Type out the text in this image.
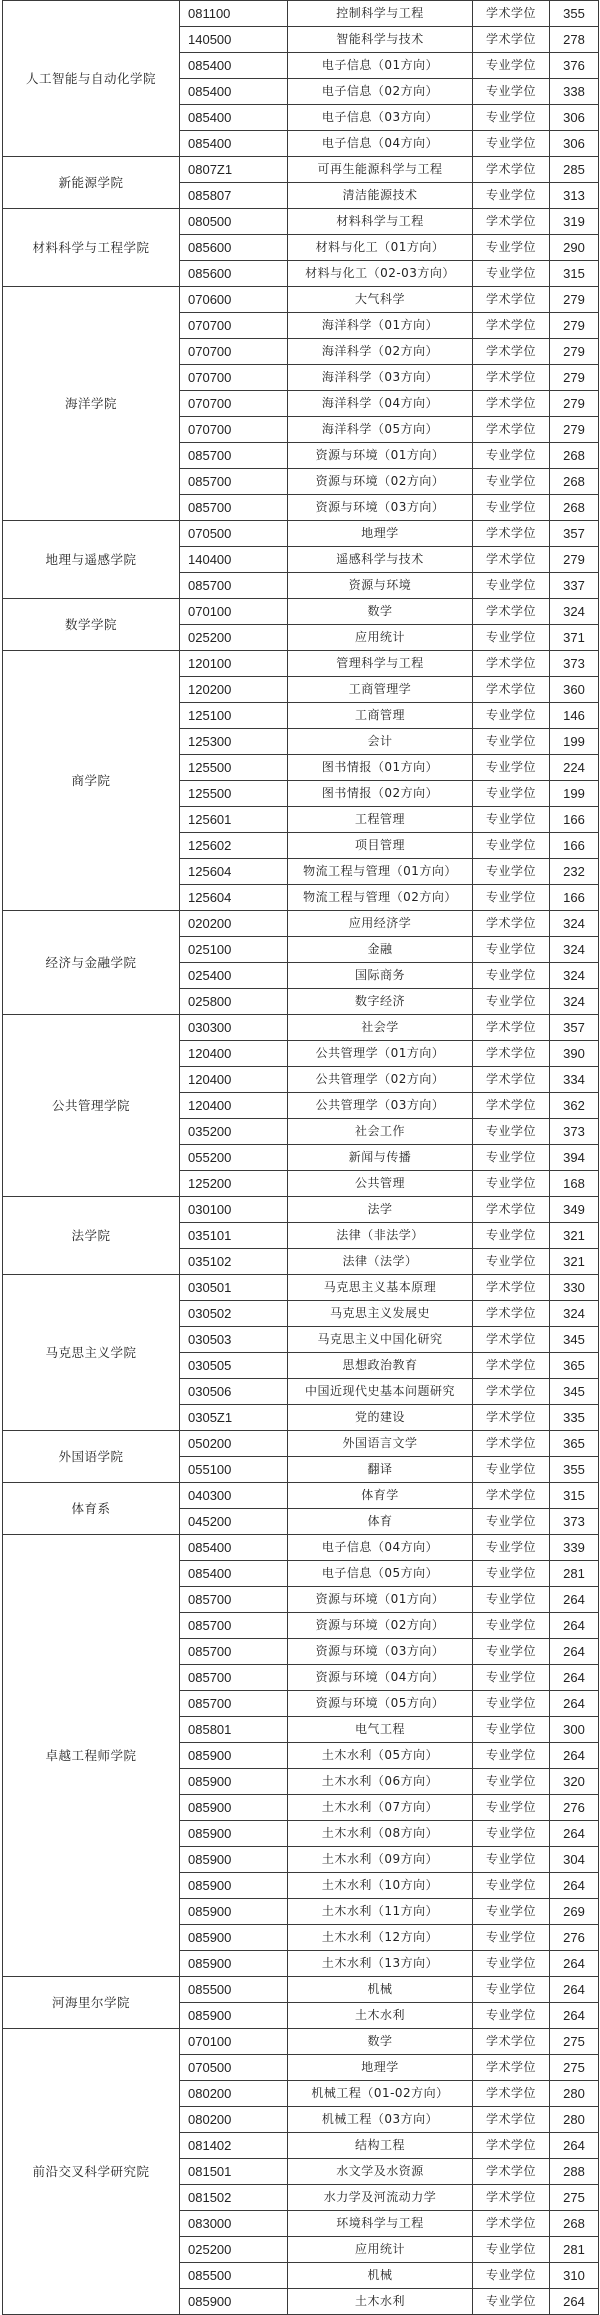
人工智能与自动化学院	081100	控制科学与工程	学术学位	355
	140500	智能科学与技术	学术学位	278
	085400	电子信息（01方向）	专业学位	376
	085400	电子信息（02方向）	专业学位	338
	085400	电子信息（03方向）	专业学位	306
	085400	电子信息（04方向）	专业学位	306
新能源学院	0807Z1	可再生能源科学与工程	学术学位	285
	085807	清洁能源技术	专业学位	313
材料科学与工程学院	080500	材料科学与工程	学术学位	319
	085600	材料与化工（01方向）	专业学位	290
	085600	材料与化工（02-03方向）	专业学位	315
海洋学院	070600	大气科学	学术学位	279
	070700	海洋科学（01方向）	学术学位	279
	070700	海洋科学（02方向）	学术学位	279
	070700	海洋科学（03方向）	学术学位	279
	070700	海洋科学（04方向）	学术学位	279
	070700	海洋科学（05方向）	学术学位	279
	085700	资源与环境（01方向）	专业学位	268
	085700	资源与环境（02方向）	专业学位	268
	085700	资源与环境（03方向）	专业学位	268
地理与遥感学院	070500	地理学	学术学位	357
	140400	遥感科学与技术	学术学位	279
	085700	资源与环境	专业学位	337
数学学院	070100	数学	学术学位	324
	025200	应用统计	专业学位	371
商学院	120100	管理科学与工程	学术学位	373
	120200	工商管理学	学术学位	360
	125100	工商管理	专业学位	146
	125300	会计	专业学位	199
	125500	图书情报（01方向）	专业学位	224
	125500	图书情报（02方向）	专业学位	199
	125601	工程管理	专业学位	166
	125602	项目管理	专业学位	166
	125604	物流工程与管理（01方向）	专业学位	232
	125604	物流工程与管理（02方向）	专业学位	166
经济与金融学院	020200	应用经济学	学术学位	324
	025100	金融	专业学位	324
	025400	国际商务	专业学位	324
	025800	数字经济	专业学位	324
公共管理学院	030300	社会学	学术学位	357
	120400	公共管理学（01方向）	学术学位	390
	120400	公共管理学（02方向）	学术学位	334
	120400	公共管理学（03方向）	学术学位	362
	035200	社会工作	专业学位	373
	055200	新闻与传播	专业学位	394
	125200	公共管理	专业学位	168
法学院	030100	法学	学术学位	349
	035101	法律（非法学）	专业学位	321
	035102	法律（法学）	专业学位	321
马克思主义学院	030501	马克思主义基本原理	学术学位	330
	030502	马克思主义发展史	学术学位	324
	030503	马克思主义中国化研究	学术学位	345
	030505	思想政治教育	学术学位	365
	030506	中国近现代史基本问题研究	学术学位	345
	0305Z1	党的建设	学术学位	335
外国语学院	050200	外国语言文学	学术学位	365
	055100	翻译	专业学位	355
体育系	040300	体育学	学术学位	315
	045200	体育	专业学位	373
卓越工程师学院	085400	电子信息（04方向）	专业学位	339
	085400	电子信息（05方向）	专业学位	281
	085700	资源与环境（01方向）	专业学位	264
	085700	资源与环境（02方向）	专业学位	264
	085700	资源与环境（03方向）	专业学位	264
	085700	资源与环境（04方向）	专业学位	264
	085700	资源与环境（05方向）	专业学位	264
	085801	电气工程	专业学位	300
	085900	土木水利（05方向）	专业学位	264
	085900	土木水利（06方向）	专业学位	320
	085900	土木水利（07方向）	专业学位	276
	085900	土木水利（08方向）	专业学位	264
	085900	土木水利（09方向）	专业学位	304
	085900	土木水利（10方向）	专业学位	264
	085900	土木水利（11方向）	专业学位	269
	085900	土木水利（12方向）	专业学位	276
	085900	土木水利（13方向）	专业学位	264
河海里尔学院	085500	机械	专业学位	264
	085900	土木水利	专业学位	264
前沿交叉科学研究院	070100	数学	学术学位	275
	070500	地理学	学术学位	275
	080200	机械工程（01-02方向）	学术学位	280
	080200	机械工程（03方向）	学术学位	280
	081402	结构工程	学术学位	264
	081501	水文学及水资源	学术学位	288
	081502	水力学及河流动力学	学术学位	275
	083000	环境科学与工程	学术学位	268
	025200	应用统计	专业学位	281
	085500	机械	专业学位	310
	085900	土木水利	专业学位	264
